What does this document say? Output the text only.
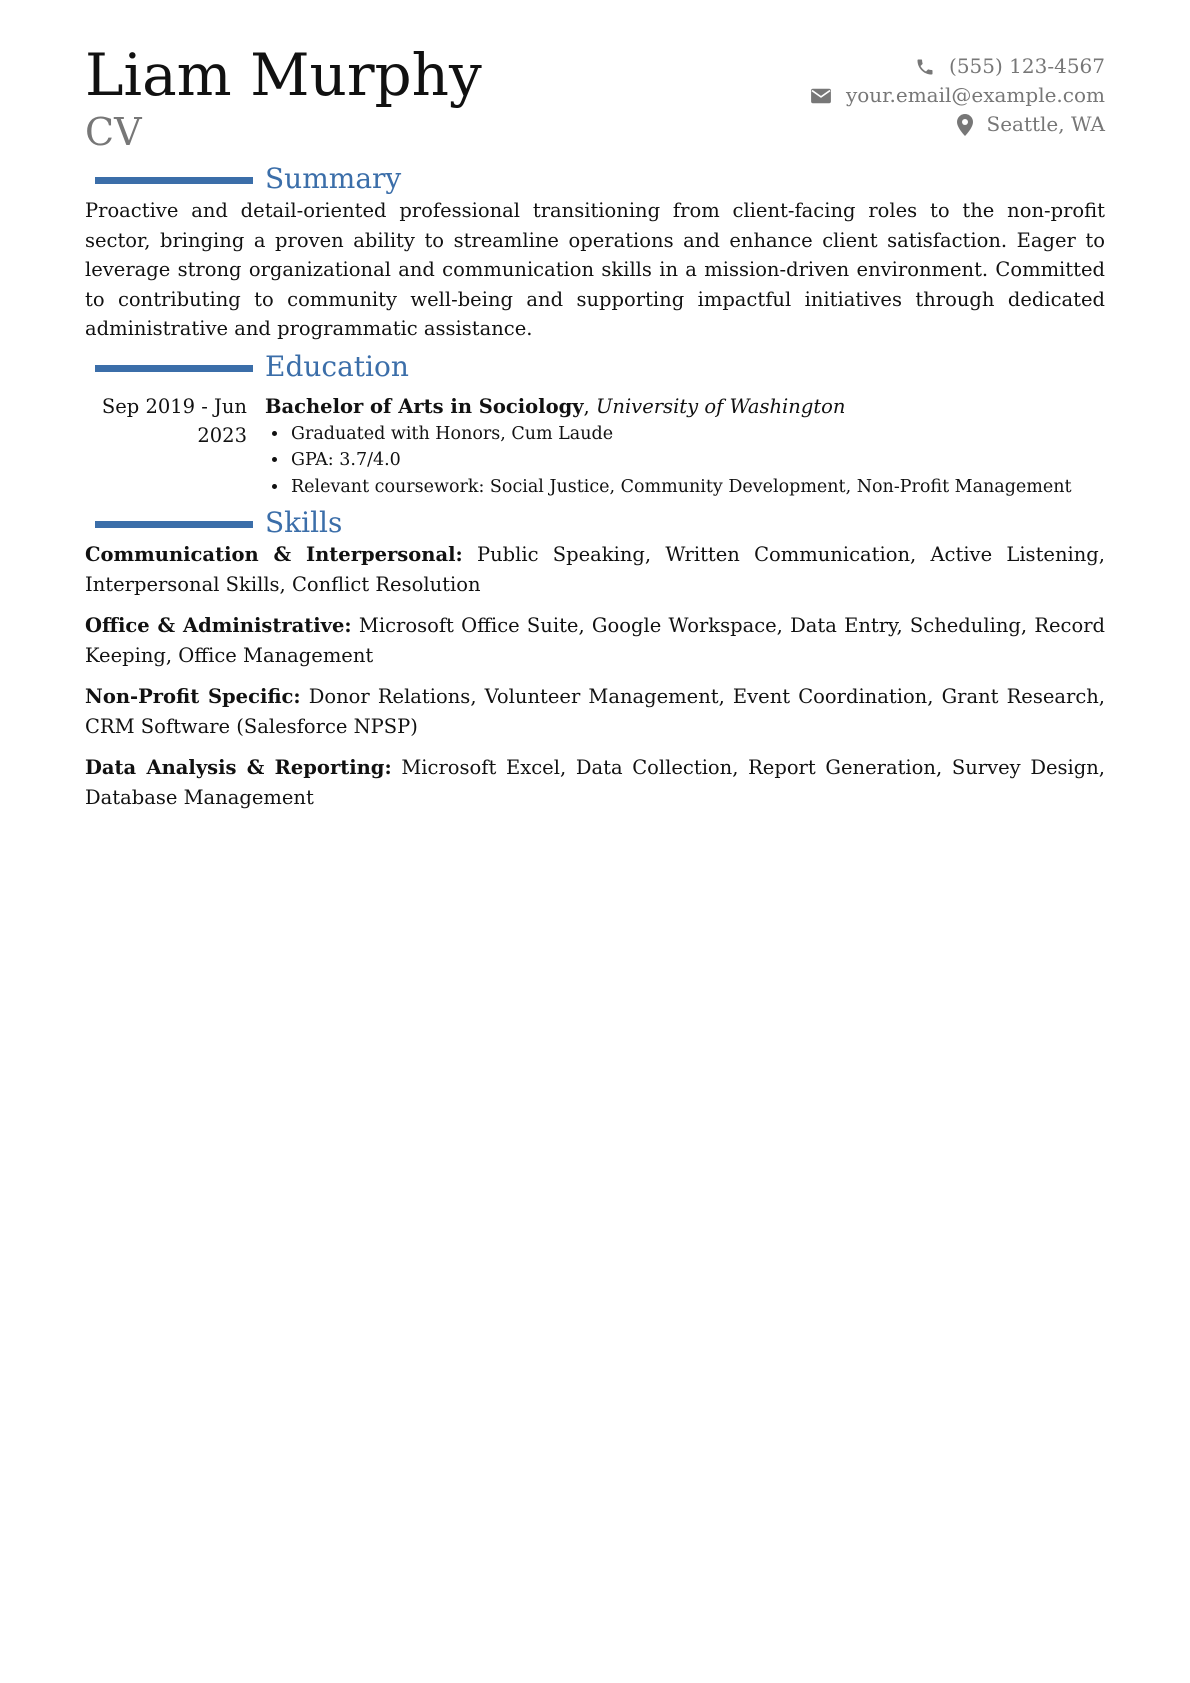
Liam Murphy
CV
(555) 123-4567
your.email@example.com
Seattle, WA
Summary

Proactive and detail-oriented professional transitioning from client-facing roles to the non-profit sector, bringing a proven ability to streamline operations and enhance client satisfaction. Eager to leverage strong organizational and communication skills in a mission-driven environment. Committed to contributing to community well-being and supporting impactful initiatives through dedicated administrative and programmatic assistance.

Education
Sep 2019 - Jun 2023
Bachelor of Arts in Sociology, University of Washington
• Graduated with Honors, Cum Laude
• GPA: 3.7/4.0
• Relevant coursework: Social Justice, Community Development, Non-Profit Management
Skills

Communication & Interpersonal: Public Speaking, Written Communication, Active Listening, Interpersonal Skills, Conflict Resolution

Office & Administrative: Microsoft Office Suite, Google Workspace, Data Entry, Scheduling, Record Keeping, Office Management

Non-Profit Specific: Donor Relations, Volunteer Management, Event Coordination, Grant Research, CRM Software (Salesforce NPSP)

Data Analysis & Reporting: Microsoft Excel, Data Collection, Report Generation, Survey Design, Database Management
